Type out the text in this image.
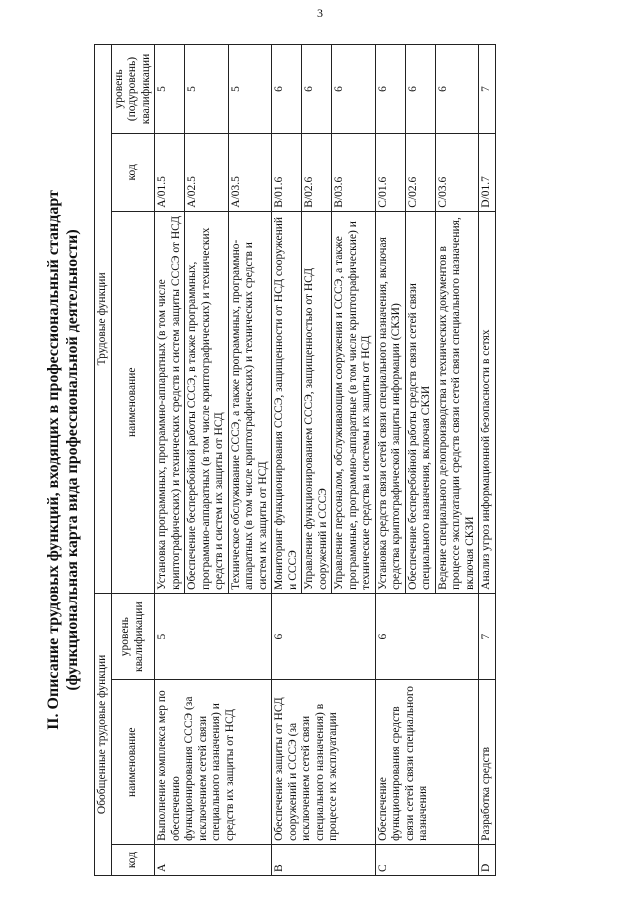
3
II. Описание трудовых функций, входящих в профессиональный стандарт (функциональная карта вида профессиональной деятельности)
Обобщенные трудовые функции			Трудовые функции		
код	наименование	уровень квалификации	наименование	код	уровень (подуровень) квалификации
A	Выполнение комплекса мер по обеспечению функционирования СССЭ (за исключением сетей связи специального назначения) и средств их защиты от НСД	5	Установка программных, программно-аппаратных (в том числе криптографических) и технических средств и систем защиты СССЭ от НСД	A/01.5	5
			Обеспечение бесперебойной работы СССЭ, в также программных, программно-аппаратных (в том числе криптографических) и технических средств и систем их защиты от НСД	A/02.5	5
			Техническое обслуживание СССЭ, а также программных, программно-аппаратных (в том числе криптографических) и технических средств и систем их защиты от НСД	A/03.5	5
B	Обеспечение защиты от НСД сооружений и СССЭ (за исключением сетей связи специального назначения) в процессе их эксплуатации	6	Мониторинг функционирования СССЭ, защищенности от НСД сооружений и СССЭ	B/01.6	6
			Управление функционированием СССЭ, защищенностью от НСД сооружений и СССЭ	B/02.6	6
			Управление персоналом, обслуживающим сооружения и СССЭ, а также программные, программно-аппаратные (в том числе криптографические) и технические средства и системы их защиты от НСД	B/03.6	6
C	Обеспечение функционирования средств связи сетей связи специального назначения	6	Установка средств связи сетей связи специального назначения, включая средства криптографической защиты информации (СКЗИ)	C/01.6	6
			Обеспечение бесперебойной работы средств связи сетей связи специального назначения, включая СКЗИ	C/02.6	6
			Ведение специального делопроизводства и технических документов в процессе эксплуатации средств связи сетей связи специального назначения, включая СКЗИ	C/03.6	6
D	Разработка средств	7	Анализ угроз информационной безопасности в сетях	D/01.7	7
